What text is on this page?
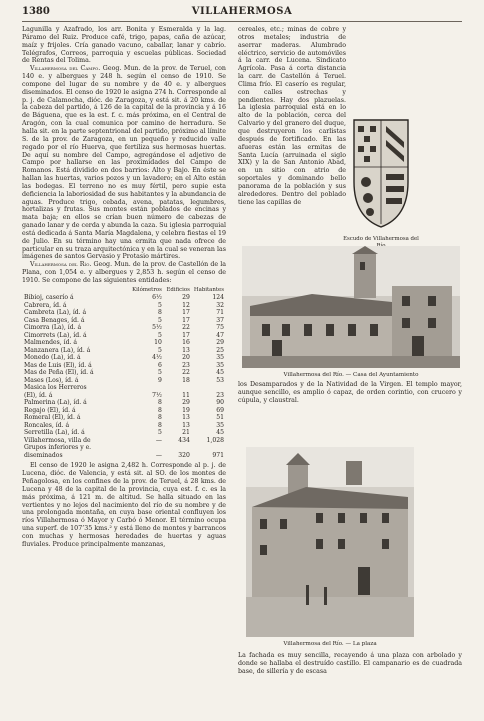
1380	VILLAHERMOSA

Lagunilla y Azafrado, los arr. Bonita y Esmeralda y la lag. Páramo del Ruiz. Produce café, trigo, papas, caña de azúcar, maíz y frijoles. Cría ganado vacuno, caballar, lanar y cabrío. Telégrafos, Correos, parroquia y escuelas públicas. Sociedad de Rentas del Tolima.

Villahermosa del Campo. Geog. Mun. de la prov. de Teruel, con 140 e. y albergues y 248 h. según el censo de 1910. Se compone del lugar de su nombre y de 40 e. y albergues diseminados. El censo de 1920 le asigna 274 h. Corresponde al p. j. de Calamocha, dióc. de Zaragoza, y está sit. á 20 kms. de la cabeza del partido, á 126 de la capital de la provincia y á 16 de Báguena, que es la est. f. c. más próxima, en el Central de Aragón, con la cual comunica por camino de herradura. Se halla sit. en la parte septentrional del partido, próximo al límite S. de la prov. de Zaragoza, en un pequeño y reducido valle regado por el río Huerva, que fertiliza sus hermosas huertas. De aquí su nombre del Campo, agregándose el adjetivo de Campo por hallarse en las proximidades del Campo de Romanos. Está dividido en dos barrios: Alto y Bajo. En éste se hallan las huertas, varios pozos y un lavadero; en el Alto están las bodegas. El terreno no es muy fértil, pero supie esta deficiencia la laboriosidad de sus habitantes y la abundancia de aguas. Produce trigo, cebada, avena, patatas, legumbres, hortalizas y frutas. Sus montes están poblados de encinas y mata baja; en ellos se crían buen número de cabezas de ganado lanar y de cerda y abunda la caza. Su iglesia parroquial está dedicada á Santa María Magdalena, y celebra fiestas el 19 de Julio. En su término hay una ermita que nada ofrece de particular en su traza arquitectónica y en la cual se veneran las imágenes de santos Gervasio y Protasio mártires.

Villahermosa del Río. Geog. Mun. de la prov. de Castellón de la Plana, con 1,054 e. y albergues y 2,853 h. según el censo de 1910. Se compone de las siguientes entidades:

	Kilómetros	Edificios	Habitantes
Bibioj, caserío á	6½	29	124
Cabrera, íd. á	5	12	32
Cambreta (La), íd. á	8	17	71
Casa Benages, íd. á	5	17	37
Cimorra (La), íd. á	5½	22	75
Cimorrets (La), íd. á	5	17	47
Malmendes, íd. á	10	16	29
Manzanera (La), íd. á	5	13	25
Monedo (La), íd. á	4½	20	35
Mas de Luis (El), íd. á	6	23	35
Mas de Peña (El), íd. á	5	22	45
Mases (Los), íd. á	9	18	53
Masica los Herreros			
(El), íd. á	7½	11	23
Palmerina (La), íd. á	8	29	90
Regajo (El), íd. á	8	19	69
Romeral (El), íd. á	8	13	51
Roncales, íd. á	8	13	35
Serretilla (La), íd. á	5	21	45
Villahermosa, villa de	—	434	1,028
Grupos inferiores y e.			
diseminados	—	320	971

El censo de 1920 le asigna 2,482 h. Corresponde al p. j. de Lucena, dióc. de Valencia, y está sit. al SO. de los montes de Peñagolosa, en los confines de la prov. de Teruel, á 28 kms. de Lucena y 48 de la capital de la provincia, cuya est. f. c. es la más próxima, á 121 m. de altitud. Se halla situado en las vertientes y no lejos del nacimiento del río de su nombre y de una prolongada montaña, en cuya base oriental confluyen los ríos Villahermosa ó Mayor y Carbó ó Menor. El término ocupa una superf. de 107’35 kms.² y está lleno de montes y barrancos con muchas y hermosas heredades de huertas y aguas fluviales. Produce principalmente manzanas,

cereales, etc.; minas de cobre y otros metales; industria de aserrar maderas. Alumbrado eléctrico, servicio de automóviles á la carr. de Lucena. Sindicato Agrícola. Pasa á corta distancia la carr. de Castellón á Teruel. Clima frío. El caserío es regular, con calles estrechas y pendientes. Hay dos plazuelas. La iglesia parroquial está en lo alto de la población, cerca del Calvario y del granero del duque, que destruyeron los carlistas después de fortificado. En las afueras están las ermitas de Santa Lucía (arruinada el siglo XIX) y la de San Antonio Abad, en un sitio con atrio de soportales y dominando bello panorama de la población y sus alrededores. Dentro del poblado tiene las capillas de

Escudo de Villahermosa del
Villahermosa del Río. — Casa del Ayuntamiento

los Desamparados y de la Natividad de la Virgen. El templo mayor, aunque sencillo, es amplio ó capaz, de orden corintio, con crucero y cúpula, y claustral.

Villahermosa del Río. — La plaza

La fachada es muy sencilla, recayendo á una plaza con arbolado y donde se hallaba el destruído castillo. El campanario es de cuadrada base, de sillería y de escasa
